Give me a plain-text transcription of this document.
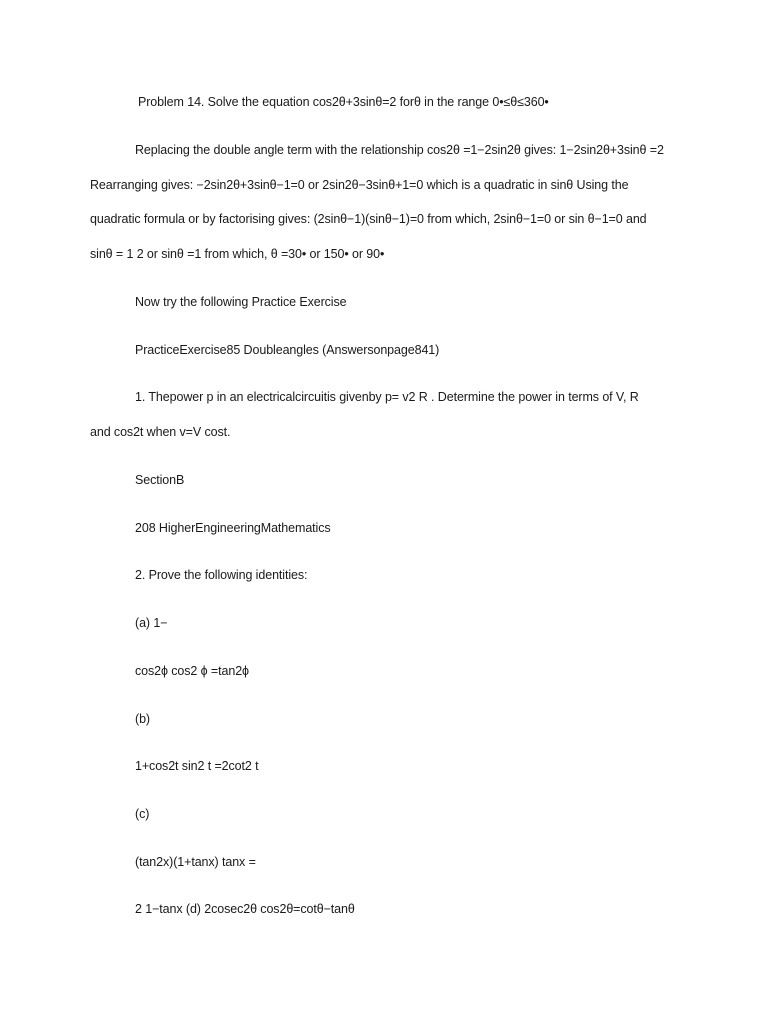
Problem 14. Solve the equation cos2θ+3sinθ=2 forθ in the range 0•≤θ≤360•
Replacing the double angle term with the relationship cos2θ =1−2sin2θ gives: 1−2sin2θ+3sinθ =2
Rearranging gives: −2sin2θ+3sinθ−1=0 or 2sin2θ−3sinθ+1=0 which is a quadratic in sinθ Using the
quadratic formula or by factorising gives: (2sinθ−1)(sinθ−1)=0 from which, 2sinθ−1=0 or sin θ−1=0 and
sinθ = 1 2 or sinθ =1 from which, θ =30• or 150• or 90•
Now try the following Practice Exercise
PracticeExercise85 Doubleangles (Answersonpage841)
1. Thepower p in an electricalcircuitis givenby p= v2 R . Determine the power in terms of V, R
and cos2t when v=V cost.
SectionB
208 HigherEngineeringMathematics
2. Prove the following identities:
(a) 1−
cos2ϕ cos2 ϕ =tan2ϕ
(b)
1+cos2t sin2 t =2cot2 t
(c)
(tan2x)(1+tanx) tanx =
2 1−tanx (d) 2cosec2θ cos2θ=cotθ−tanθ
